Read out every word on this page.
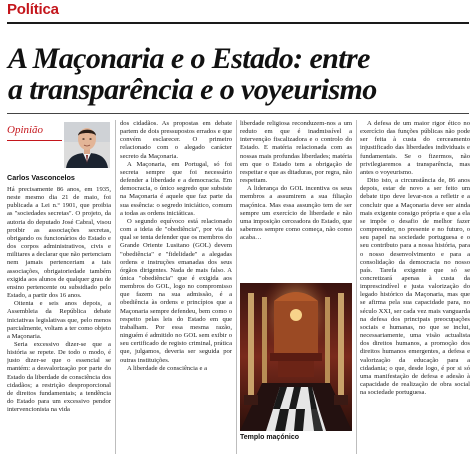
Política
A Maçonaria e o Estado: entre
a transparência e o voyeurismo
Opinião
Carlos Vasconcelos

Há precisamente 86 anos, em 1935, neste mesmo dia 21 de maio, foi publicada a Lei n.º 1901, que proibia as "sociedades secretas". O projeto, da autoria do deputado José Cabral, visou proibir as associações secretas, obrigando os funcionários do Estado e dos corpos administrativos, civis e militares a declarar que não pertenciam nem jamais pertenceriam a tais associações, obrigatoriedade também exigida aos alunos de qualquer grau de ensino pertencente ou subsidiado pelo Estado, a partir dos 16 anos.

Oitenta e seis anos depois, a Assembleia da República debate iniciativas legislativas que, pelo menos parcialmente, voltam a ter como objeto a Maçonaria.

Seria excessivo dizer-se que a história se repete. De todo o modo, é justo dizer-se que o essencial se mantém: a desvalorização por parte do Estado da liberdade de consciência dos cidadãos; a restrição desproporcional de direitos fundamentais; a tendência do Estado para um excessivo pendor intervencionista na vida

dos cidadãos. As propostas em debate partem de dois pressupostos errados e que convém esclarecer. O primeiro relacionado com o alegado carácter secreto da Maçonaria.

A Maçonaria, em Portugal, só foi secreta sempre que foi necessário defender a liberdade e a democracia. Em democracia, o único segredo que subsiste na Maçonaria é aquele que faz parte da sua essência: o segredo iniciático, comum a todas as ordens iniciáticas.

O segundo equívoco está relacionado com a ideia de "obediência", por via da qual se tenta defender que os membros do Grande Oriente Lusitano (GOL) devem "obediência" e "fidelidade" a alegadas ordens e instruções emanadas dos seus órgãos dirigentes. Nada de mais falso. A única "obediência" que é exigida aos membros do GOL, logo no compromisso que fazem na sua admissão, é a obediência às ordens e princípios que a Maçonaria sempre defendeu, bem como o respeito pelas leis do Estado em que trabalham. Por essa mesma razão, ninguém é admitido no GOL sem exibir o seu certificado de registo criminal, prática que, julgamos, deveria ser seguida por outras instituições.

A liberdade de consciência e a

liberdade religiosa reconduzem-nos a um reduto em que é inadmissível a intervenção fiscalizadora e o controlo do Estado. E matéria relacionada com as nossas mais profundas liberdades; matéria em que o Estado tem a obrigação de respeitar e que as ditaduras, por regra, não respeitam.

A liderança do GOL incentiva os seus membros a assumirem a sua filiação maçónica. Mas essa assunção tem de ser sempre um exercício de liberdade e não uma imposição cerceadora do Estado, que sabemos sempre como começa, não como acaba…

Templo maçónico

A defesa de um maior rigor ético no exercício das funções públicas não pode ser feita à custa do cerceamento injustificado das liberdades individuais e fundamentais. Se o fizermos, não privilegiaremos a transparência, mas antes o voyeurismo.

Dito isto, a circunstância de, 86 anos depois, estar de novo a ser feito um debate tipo deve levar-nos a refletir e a concluir que a Maçonaria deve ser ainda mais exigente consigo própria e que a ela se impõe o desafio de melhor fazer compreender, no presente e no futuro, o seu papel na sociedade portuguesa e o seu contributo para a nossa história, para o nosso desenvolvimento e para a consolidação da democracia no nosso país. Tarefa exigente que só se concretizará apenas à custa da imprescindível e justa valorização do legado histórico da Maçonaria, mas que se afirma pela sua capacidade para, no século XXI, ser cada vez mais vanguarda na defesa dos principais preocupações sociais e humanas, no que se inclui, necessariamente, uma visão actualista dos direitos humanos, a promoção dos direitos humanos emergentes, a defesa e valorização da educação para a cidadania; o que, desde logo, é por si só uma manifestação de defesa e adesão à capacidade de realização de obra social na sociedade portuguesa.
